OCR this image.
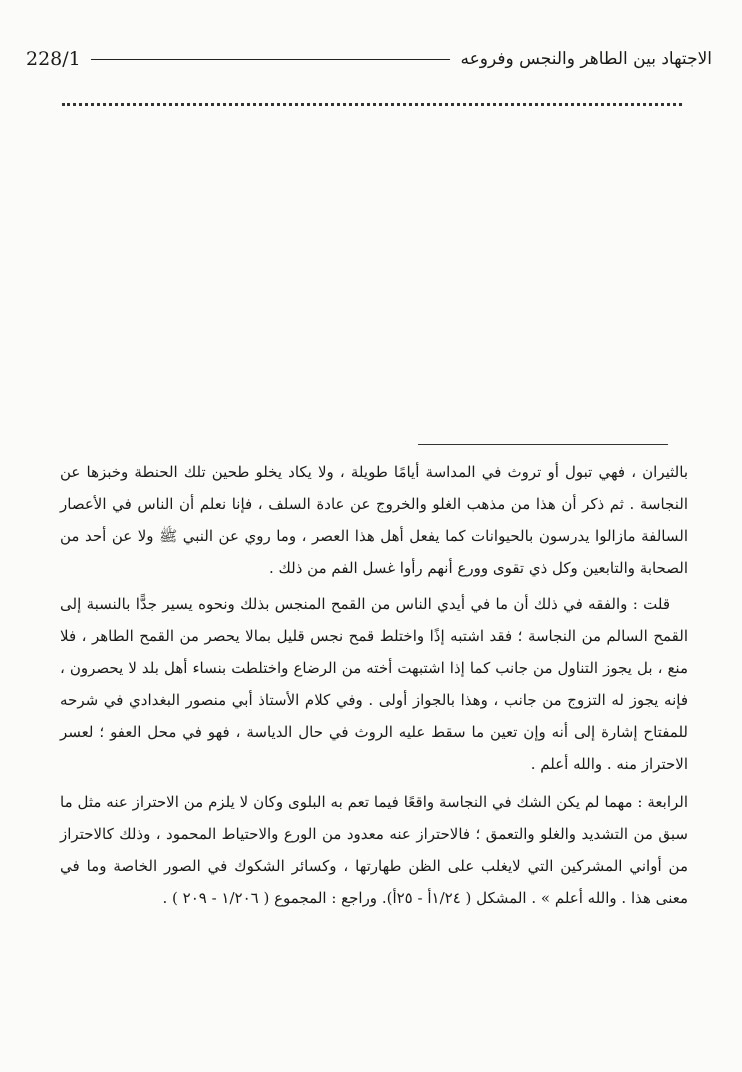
228/1	الاجتهاد بين الطاهر والنجس وفروعه

بالثيران ، فهي تبول أو تروث في المداسة أيامًا طويلة ، ولا يكاد يخلو طحين تلك الحنطة وخبزها عن النجاسة . ثم ذكر أن هذا من مذهب الغلو والخروج عن عادة السلف ، فإنا نعلم أن الناس في الأعصار السالفة مازالوا يدرسون بالحيوانات كما يفعل أهل هذا العصر ، وما روي عن النبي ﷺ ولا عن أحد من الصحابة والتابعين وكل ذي تقوى وورع أنهم رأوا غسل الفم من ذلك .

قلت : والفقه في ذلك أن ما في أيدي الناس من القمح المنجس بذلك ونحوه يسير جدًّا بالنسبة إلى القمح السالم من النجاسة ؛ فقد اشتبه إذًا واختلط قمح نجس قليل بمالا يحصر من القمح الطاهر ، فلا منع ، بل يجوز التناول من جانب كما إذا اشتبهت أخته من الرضاع واختلطت بنساء أهل بلد لا يحصرون ، فإنه يجوز له التزوج من جانب ، وهذا بالجواز أولى . وفي كلام الأستاذ أبي منصور البغدادي في شرحه للمفتاح إشارة إلى أنه وإن تعين ما سقط عليه الروث في حال الدياسة ، فهو في محل العفو ؛ لعسر الاحتراز منه . والله أعلم .

الرابعة : مهما لم يكن الشك في النجاسة واقعًا فيما تعم به البلوى وكان لا يلزم من الاحتراز عنه مثل ما سبق من التشديد والغلو والتعمق ؛ فالاحتراز عنه معدود من الورع والاحتياط المحمود ، وذلك كالاحتراز من أواني المشركين التي لايغلب على الظن طهارتها ، وكسائر الشكوك في الصور الخاصة وما في معنى هذا . والله أعلم » . المشكل ( ١/٢٤أ - ٢٥أ). وراجع : المجموع ( ١/٢٠٦ - ٢٠٩ ) .
